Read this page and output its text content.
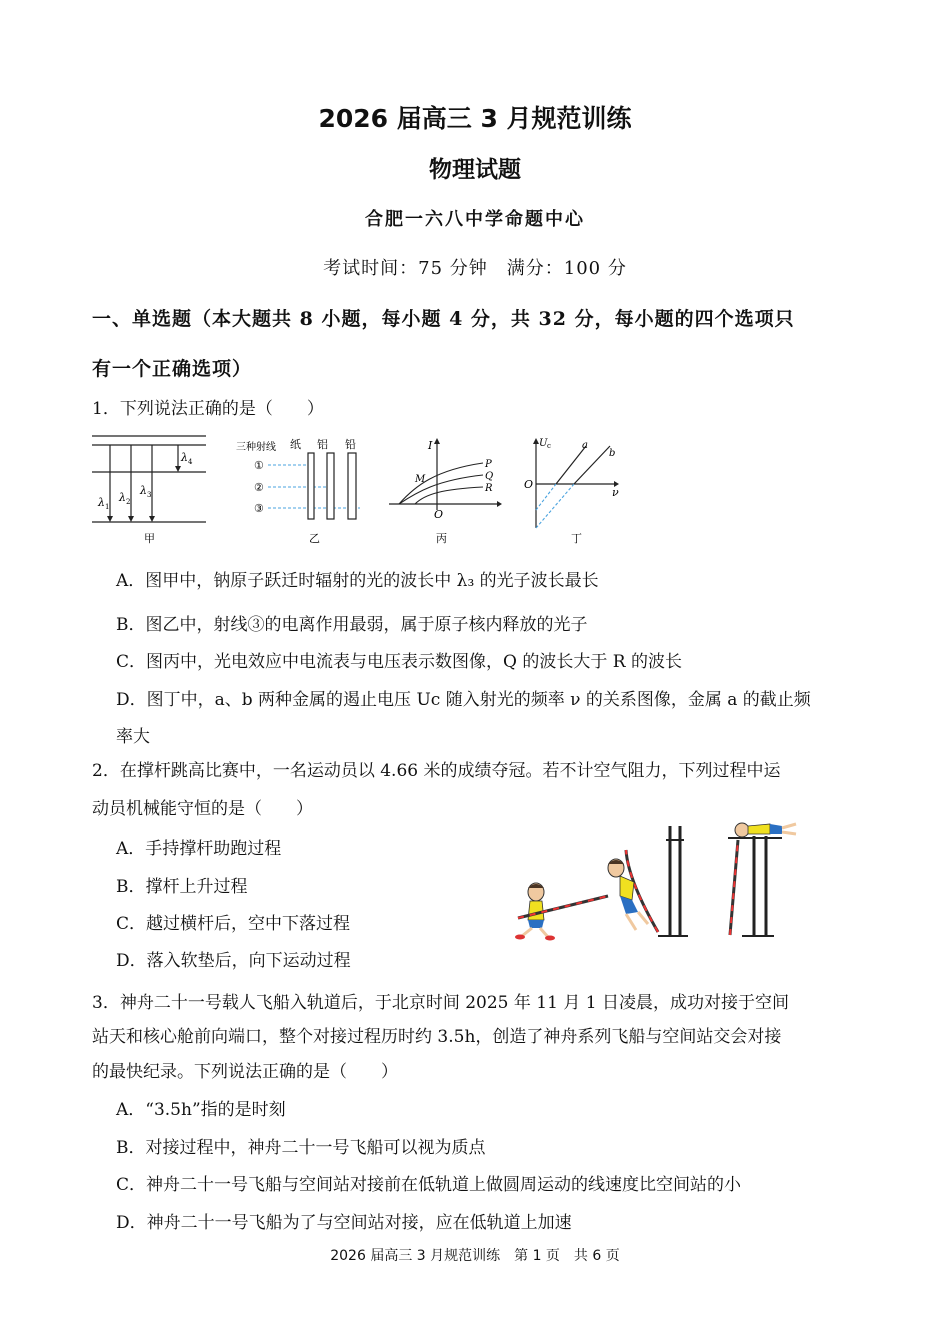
2026 届高三 3 月规范训练
物理试题
合肥一六八中学命题中心
考试时间：75 分钟　满分：100 分
一、单选题（本大题共 8 小题，每小题 4 分，共 32 分，每小题的四个选项只
有一个正确选项）
1．下列说法正确的是（　　）
λ 1
λ 2
λ 3
λ 4
甲
三种射线 纸 铝 铅
①
②
③
乙
I
O
P
Q
R
M
丙
U c
O
ν
a
b
丁
A．图甲中，钠原子跃迁时辐射的光的波长中 λ₃ 的光子波长最长
B．图乙中，射线③的电离作用最弱，属于原子核内释放的光子
C．图丙中，光电效应中电流表与电压表示数图像，Q 的波长大于 R 的波长
D．图丁中，a、b 两种金属的遏止电压 Uc 随入射光的频率 ν 的关系图像，金属 a 的截止频
率大
2．在撑杆跳高比赛中，一名运动员以 4.66 米的成绩夺冠。若不计空气阻力，下列过程中运
动员机械能守恒的是（　　）
A．手持撑杆助跑过程
B．撑杆上升过程
C．越过横杆后，空中下落过程
D．落入软垫后，向下运动过程
3．神舟二十一号载人飞船入轨道后，于北京时间 2025 年 11 月 1 日凌晨，成功对接于空间
站天和核心舱前向端口，整个对接过程历时约 3.5h，创造了神舟系列飞船与空间站交会对接
的最快纪录。下列说法正确的是（　　）
A．“3.5h”指的是时刻
B．对接过程中，神舟二十一号飞船可以视为质点
C．神舟二十一号飞船与空间站对接前在低轨道上做圆周运动的线速度比空间站的小
D．神舟二十一号飞船为了与空间站对接，应在低轨道上加速
2026 届高三 3 月规范训练　第 1 页　共 6 页
